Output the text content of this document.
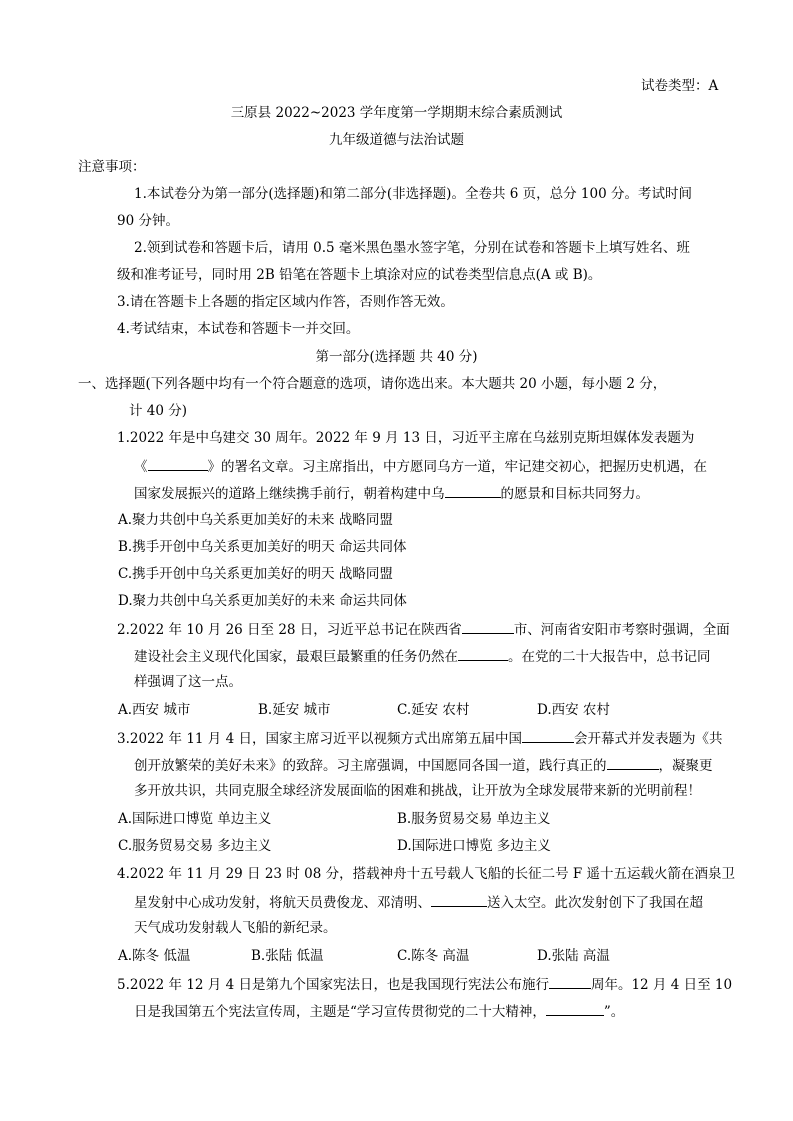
试卷类型：A
三原县 2022~2023 学年度第一学期期末综合素质测试
九年级道德与法治试题
注意事项：
1.本试卷分为第一部分(选择题)和第二部分(非选择题)。全卷共 6 页，总分 100 分。考试时间
90 分钟。
2.领到试卷和答题卡后，请用 0.5 毫米黑色墨水签字笔，分别在试卷和答题卡上填写姓名、班
级和准考证号，同时用 2B 铅笔在答题卡上填涂对应的试卷类型信息点(A 或 B)。
3.请在答题卡上各题的指定区域内作答，否则作答无效。
4.考试结束，本试卷和答题卡一并交回。
第一部分(选择题 共 40 分)
一、选择题(下列各题中均有一个符合题意的选项，请你选出来。本大题共 20 小题，每小题 2 分，
计 40 分)
1.2022 年是中乌建交 30 周年。2022 年 9 月 13 日，习近平主席在乌兹别克斯坦媒体发表题为
《	》的署名文章。习主席指出，中方愿同乌方一道，牢记建交初心，把握历史机遇，在
国家发展振兴的道路上继续携手前行，朝着构建中乌	的愿景和目标共同努力。
A.聚力共创中乌关系更加美好的未来 战略同盟
B.携手开创中乌关系更加美好的明天 命运共同体
C.携手开创中乌关系更加美好的明天 战略同盟
D.聚力共创中乌关系更加美好的未来 命运共同体
2.2022 年 10 月 26 日至 28 日，习近平总书记在陕西省	市、河南省安阳市考察时强调，全面
建设社会主义现代化国家，最艰巨最繁重的任务仍然在	。在党的二十大报告中，总书记同
样强调了这一点。
A.西安 城市	B.延安 城市	C.延安 农村	D.西安 农村
3.2022 年 11 月 4 日，国家主席习近平以视频方式出席第五届中国	会开幕式并发表题为《共
创开放繁荣的美好未来》的致辞。习主席强调，中国愿同各国一道，践行真正的	，凝聚更
多开放共识，共同克服全球经济发展面临的困难和挑战，让开放为全球发展带来新的光明前程！
A.国际进口博览 单边主义	B.服务贸易交易 单边主义
C.服务贸易交易 多边主义	D.国际进口博览 多边主义
4.2022 年 11 月 29 日 23 时 08 分，搭载神舟十五号载人飞船的长征二号 F 遥十五运载火箭在酒泉卫
星发射中心成功发射，将航天员费俊龙、邓清明、	送入太空。此次发射创下了我国在超
天气成功发射载人飞船的新纪录。
A.陈冬 低温	B.张陆 低温	C.陈冬 高温	D.张陆 高温
5.2022 年 12 月 4 日是第九个国家宪法日，也是我国现行宪法公布施行	周年。12 月 4 日至 10
日是我国第五个宪法宣传周，主题是“学习宣传贯彻党的二十大精神，	”。
